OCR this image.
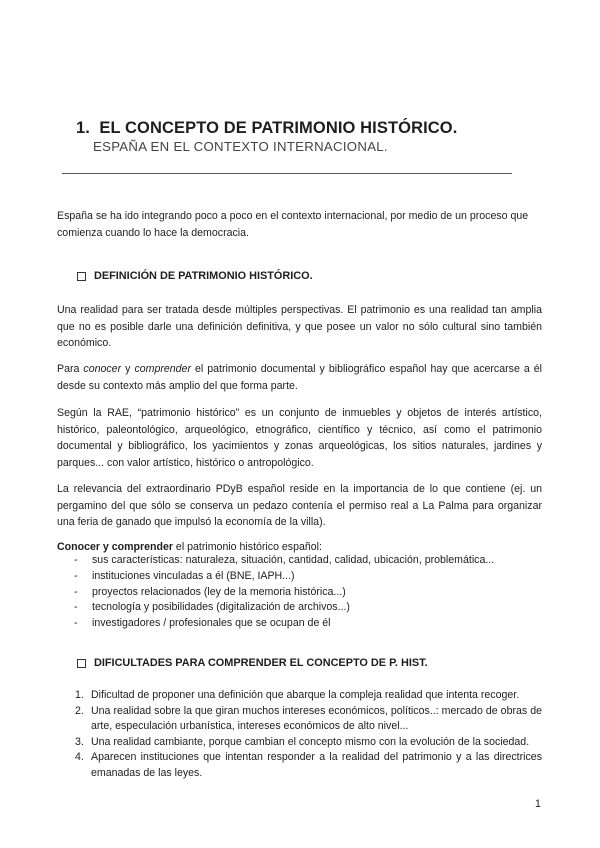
1. EL CONCEPTO DE PATRIMONIO HISTÓRICO.
ESPAÑA EN EL CONTEXTO INTERNACIONAL.

España se ha ido integrando poco a poco en el contexto internacional, por medio de un proceso que comienza cuando lo hace la democracia.

DEFINICIÓN DE PATRIMONIO HISTÓRICO.

Una realidad para ser tratada desde múltiples perspectivas. El patrimonio es una realidad tan amplia que no es posible darle una definición definitiva, y que posee un valor no sólo cultural sino también económico.

Para conocer y comprender el patrimonio documental y bibliográfico español hay que acercarse a él desde su contexto más amplio del que forma parte.

Según la RAE, “patrimonio histórico” es un conjunto de inmuebles y objetos de interés artístico, histórico, paleontológico, arqueológico, etnográfico, científico y técnico, así como el patrimonio documental y bibliográfico, los yacimientos y zonas arqueológicas, los sitios naturales, jardines y parques... con valor artístico, histórico o antropológico.

La relevancia del extraordinario PDyB español reside en la importancia de lo que contiene (ej. un pergamino del que sólo se conserva un pedazo contenía el permiso real a La Palma para organizar una feria de ganado que impulsó la economía de la villa).

Conocer y comprender el patrimonio histórico español:

- sus características: naturaleza, situación, cantidad, calidad, ubicación, problemática...
- instituciones vinculadas a él (BNE, IAPH...)
- proyectos relacionados (ley de la memoria histórica...)
- tecnología y posibilidades (digitalización de archivos...)
- investigadores / profesionales que se ocupan de él
DIFICULTADES PARA COMPRENDER EL CONCEPTO DE P. HIST.
1. Dificultad de proponer una definición que abarque la compleja realidad que intenta recoger.
2. Una realidad sobre la que giran muchos intereses económicos, políticos..: mercado de obras de arte, especulación urbanística, intereses económicos de alto nivel...
3. Una realidad cambiante, porque cambian el concepto mismo con la evolución de la sociedad.
4. Aparecen instituciones que intentan responder a la realidad del patrimonio y a las directrices emanadas de las leyes.
1
